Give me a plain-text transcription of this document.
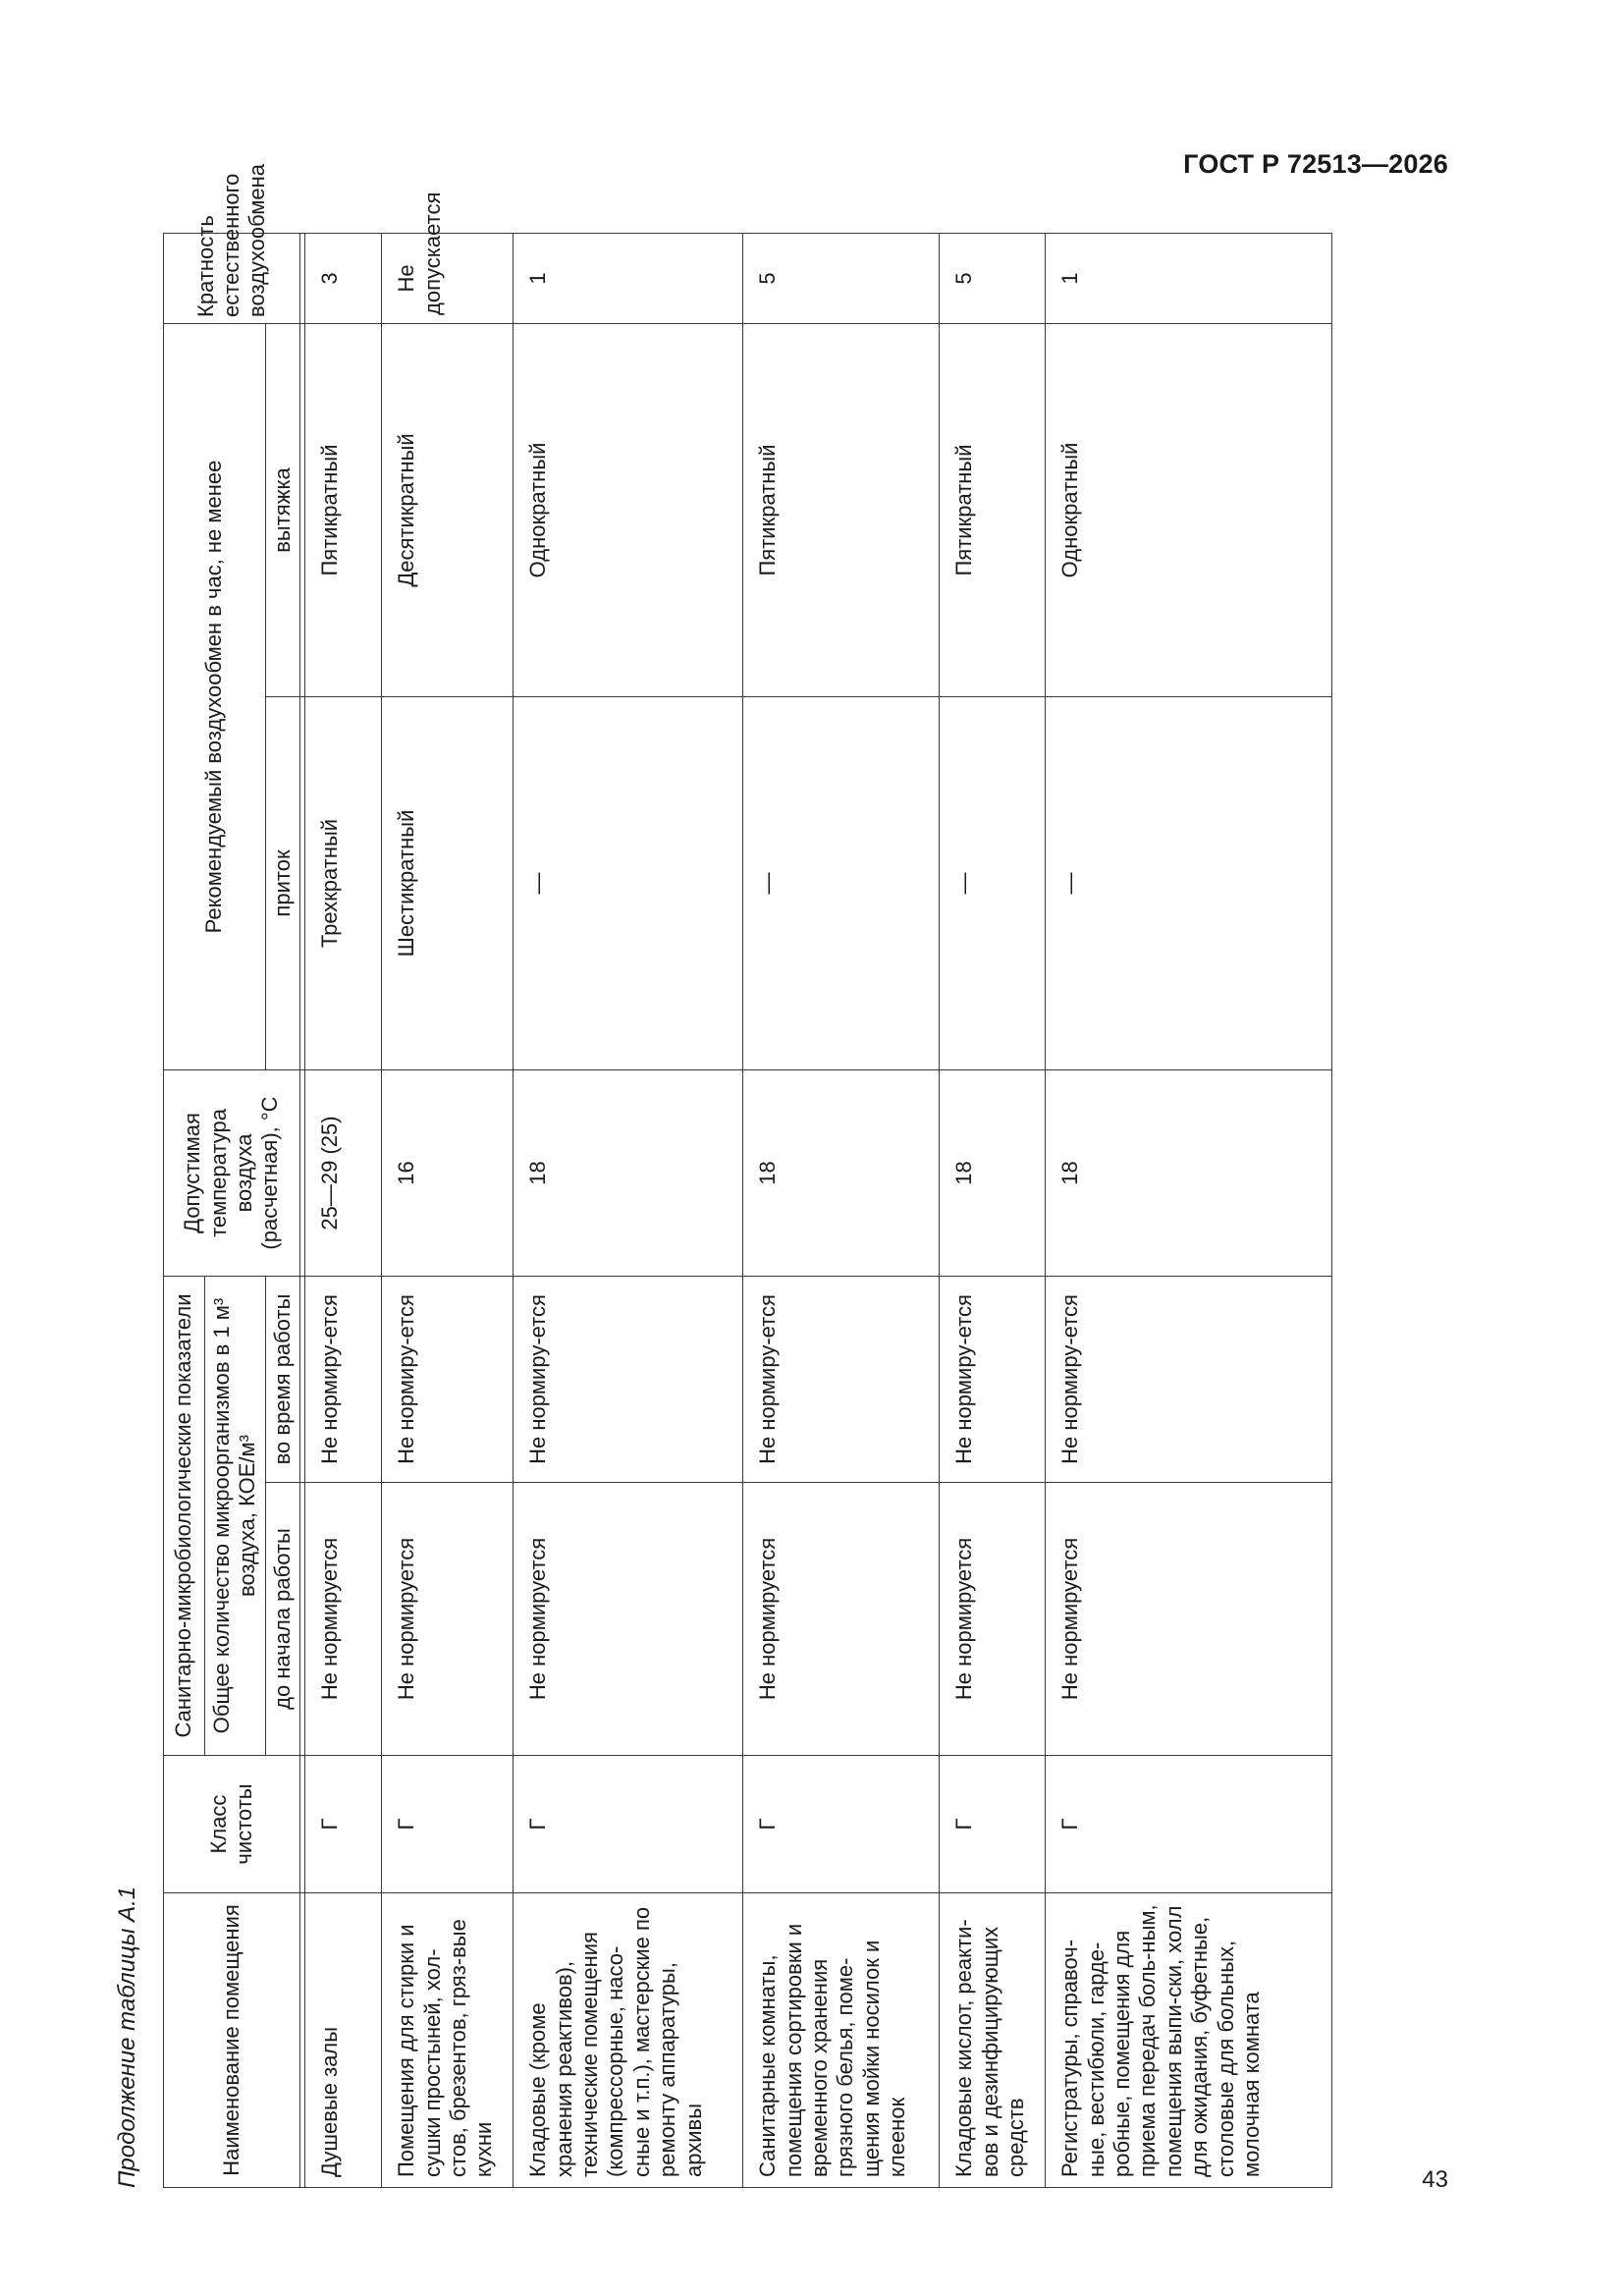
ГОСТ Р 72513—2026

Продолжение таблицы А.1	Наименование помещения	Класс чистоты	Санитарно-микробиологические показатели		Допустимая температура воздуха (расчетная), °С	Рекомендуемый воздухообмен в час, не менее		Кратность естественного воздухообмена
		Общее количество микроорганизмов в 1 м³ воздуха, КОЕ/м³					
		до начала работы	во время работы		приток	вытяжка	

Душевые залы	Г	Не нормируется	Не нормиру-ется	25—29 (25)	Трехкратный	Пятикратный	3
Помещения для стирки и сушки простыней, хол-стов, брезентов, гряз-вые кухни	Г	Не нормируется	Не нормиру-ется	16	Шестикратный	Десятикратный	Не допускается
Кладовые (кроме хранения реактивов), технические помещения (компрессорные, насо-сные и т.п.), мастерские по ремонту аппаратуры, архивы	Г	Не нормируется	Не нормиру-ется	18	—	Однократный	1
Санитарные комнаты, помещения сортировки и временного хранения грязного белья, поме-щения мойки носилок и клеенок	Г	Не нормируется	Не нормиру-ется	18	—	Пятикратный	5
Кладовые кислот, реакти-вов и дезинфицирующих средств	Г	Не нормируется	Не нормиру-ется	18	—	Пятикратный	5
Регистратуры, справоч-ные, вестибюли, гарде-робные, помещения для приема передач боль-ным, помещения выпи-ски, холл для ожидания, буфетные, столовые для больных, молочная комната	Г	Не нормируется	Не нормиру-ется	18	—	Однократный	1
43
